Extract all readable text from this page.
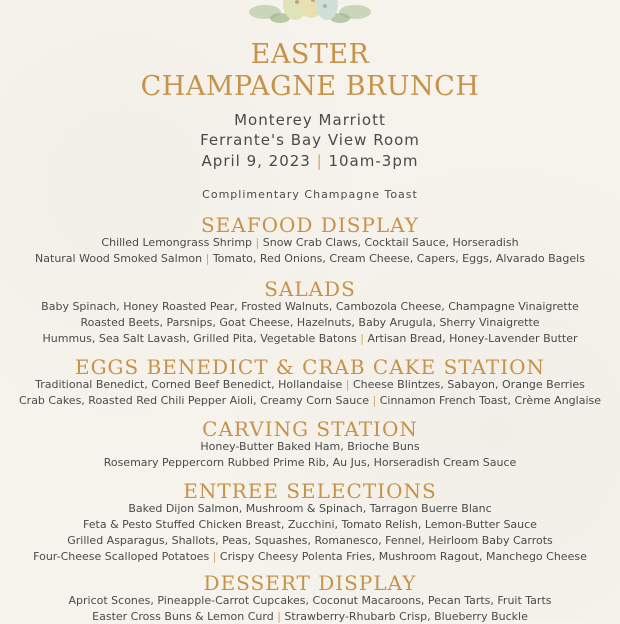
EASTER
CHAMPAGNE BRUNCH
Monterey Marriott
Ferrante's Bay View Room
April 9, 2023 | 10am-3pm
Complimentary Champagne Toast
SEAFOOD DISPLAY
Chilled Lemongrass Shrimp | Snow Crab Claws, Cocktail Sauce, Horseradish
Natural Wood Smoked Salmon | Tomato, Red Onions, Cream Cheese, Capers, Eggs, Alvarado Bagels
SALADS
Baby Spinach, Honey Roasted Pear, Frosted Walnuts, Cambozola Cheese, Champagne Vinaigrette
Roasted Beets, Parsnips, Goat Cheese, Hazelnuts, Baby Arugula, Sherry Vinaigrette
Hummus, Sea Salt Lavash, Grilled Pita, Vegetable Batons | Artisan Bread, Honey-Lavender Butter
EGGS BENEDICT & CRAB CAKE STATION
Traditional Benedict, Corned Beef Benedict, Hollandaise | Cheese Blintzes, Sabayon, Orange Berries
Crab Cakes, Roasted Red Chili Pepper Aioli, Creamy Corn Sauce | Cinnamon French Toast, Crème Anglaise
CARVING STATION
Honey-Butter Baked Ham, Brioche Buns
Rosemary Peppercorn Rubbed Prime Rib, Au Jus, Horseradish Cream Sauce
ENTREE SELECTIONS
Baked Dijon Salmon, Mushroom & Spinach, Tarragon Buerre Blanc
Feta & Pesto Stuffed Chicken Breast, Zucchini, Tomato Relish, Lemon-Butter Sauce
Grilled Asparagus, Shallots, Peas, Squashes, Romanesco, Fennel, Heirloom Baby Carrots
Four-Cheese Scalloped Potatoes | Crispy Cheesy Polenta Fries, Mushroom Ragout, Manchego Cheese
DESSERT DISPLAY
Apricot Scones, Pineapple-Carrot Cupcakes, Coconut Macaroons, Pecan Tarts, Fruit Tarts
Easter Cross Buns & Lemon Curd | Strawberry-Rhubarb Crisp, Blueberry Buckle
